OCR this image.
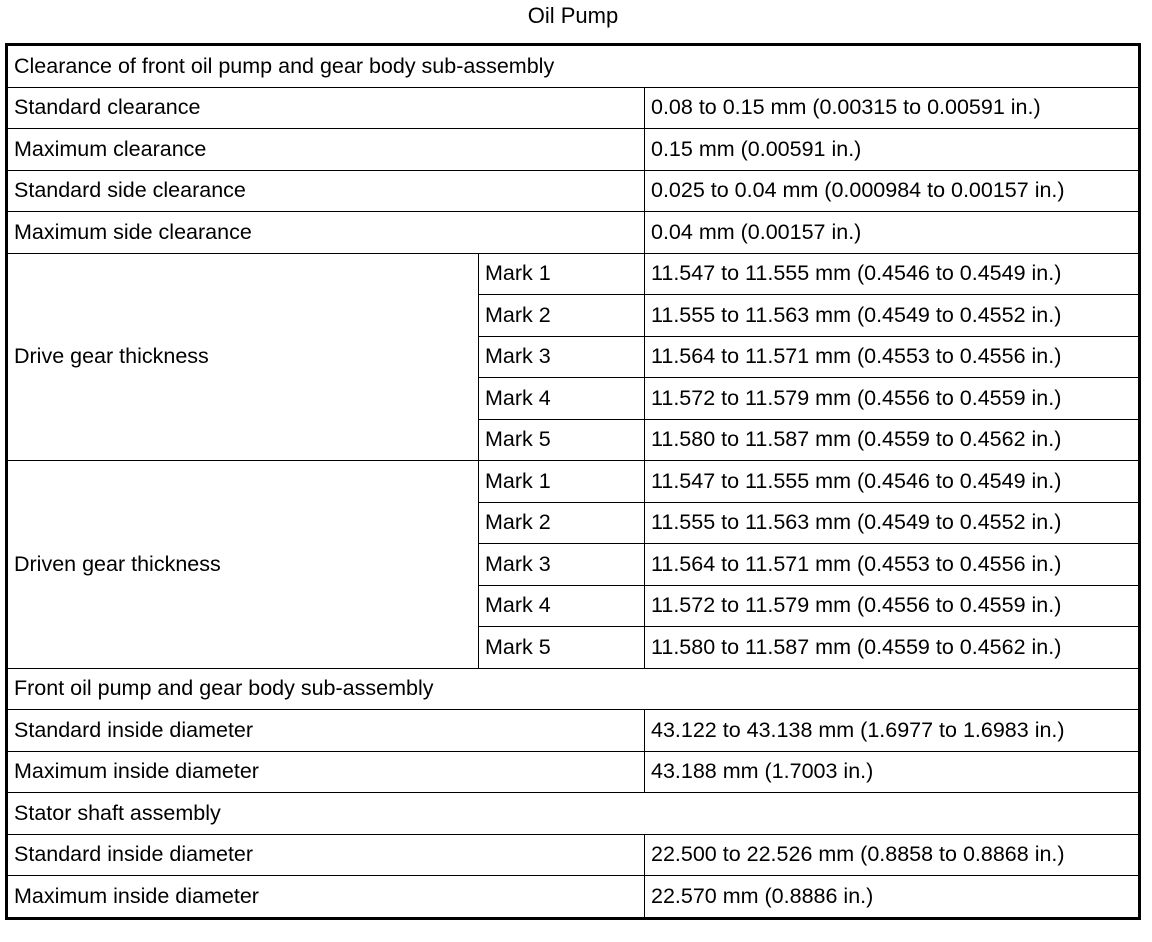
Oil Pump
Clearance of front oil pump and gear body sub-assembly		
Standard clearance		0.08 to 0.15 mm (0.00315 to 0.00591 in.)
Maximum clearance		0.15 mm (0.00591 in.)
Standard side clearance		0.025 to 0.04 mm (0.000984 to 0.00157 in.)
Maximum side clearance		0.04 mm (0.00157 in.)
Drive gear thickness	Mark 1	11.547 to 11.555 mm (0.4546 to 0.4549 in.)
	Mark 2	11.555 to 11.563 mm (0.4549 to 0.4552 in.)
	Mark 3	11.564 to 11.571 mm (0.4553 to 0.4556 in.)
	Mark 4	11.572 to 11.579 mm (0.4556 to 0.4559 in.)
	Mark 5	11.580 to 11.587 mm (0.4559 to 0.4562 in.)
Driven gear thickness	Mark 1	11.547 to 11.555 mm (0.4546 to 0.4549 in.)
	Mark 2	11.555 to 11.563 mm (0.4549 to 0.4552 in.)
	Mark 3	11.564 to 11.571 mm (0.4553 to 0.4556 in.)
	Mark 4	11.572 to 11.579 mm (0.4556 to 0.4559 in.)
	Mark 5	11.580 to 11.587 mm (0.4559 to 0.4562 in.)
Front oil pump and gear body sub-assembly		
Standard inside diameter		43.122 to 43.138 mm (1.6977 to 1.6983 in.)
Maximum inside diameter		43.188 mm (1.7003 in.)
Stator shaft assembly		
Standard inside diameter		22.500 to 22.526 mm (0.8858 to 0.8868 in.)
Maximum inside diameter		22.570 mm (0.8886 in.)
